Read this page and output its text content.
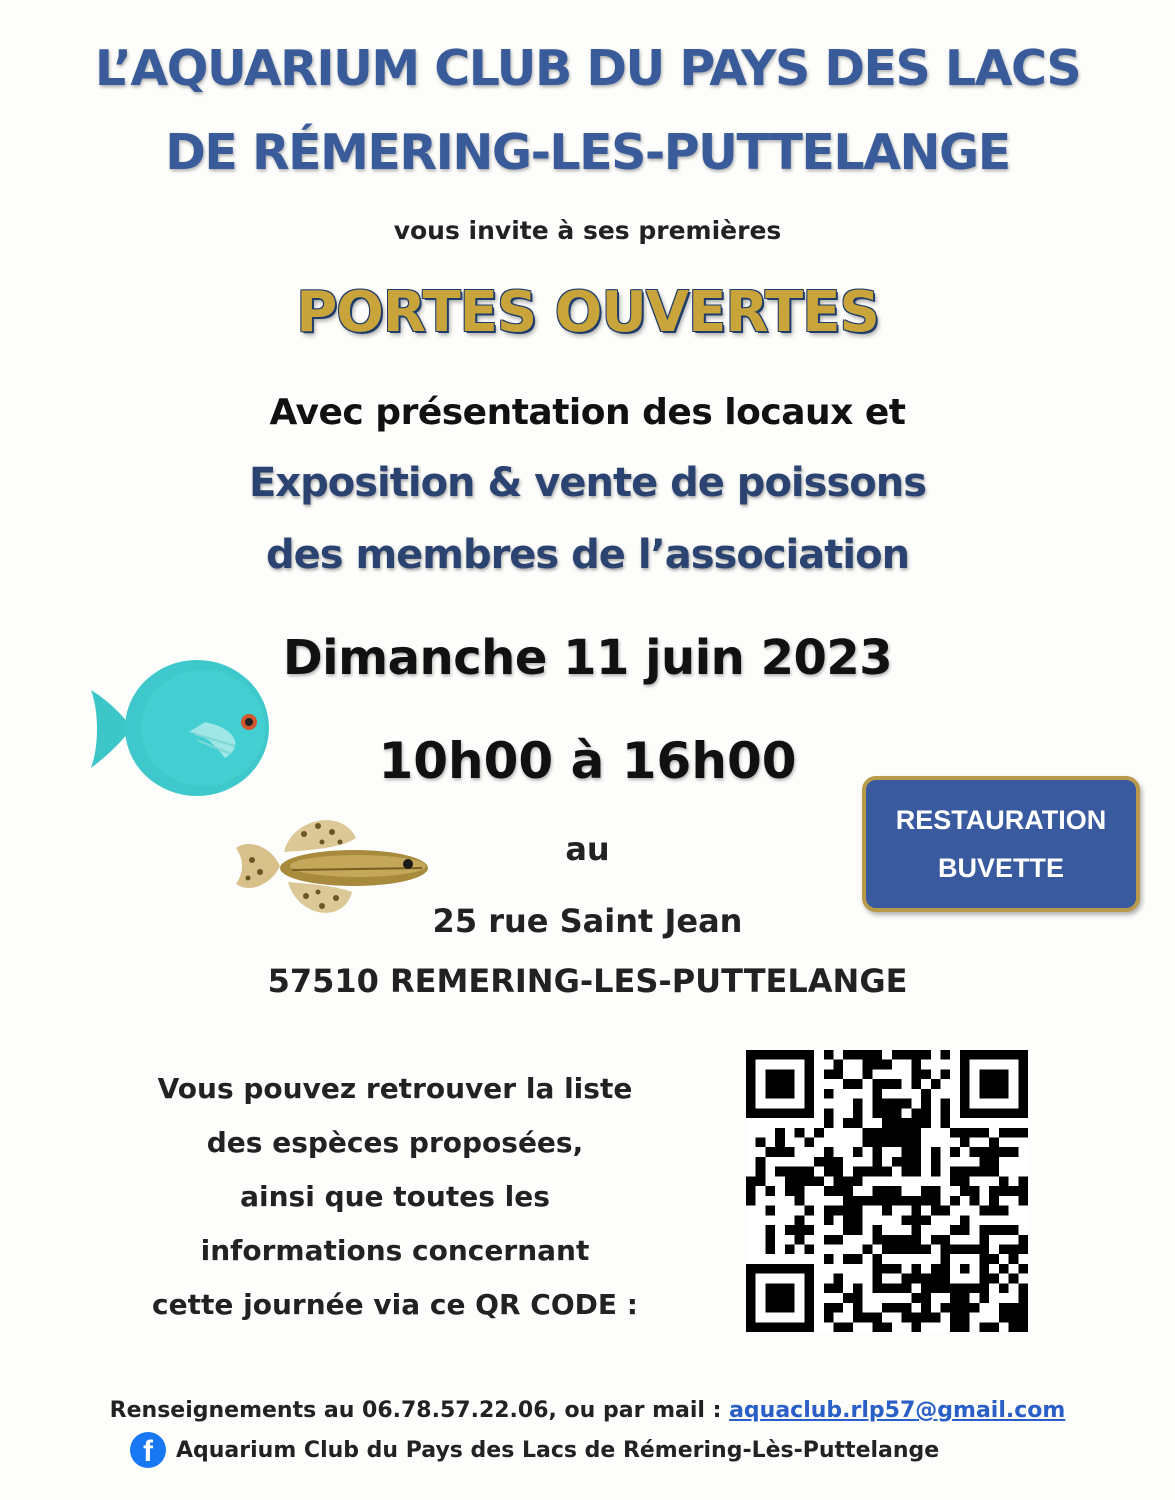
L’AQUARIUM CLUB DU PAYS DES LACS
DE RÉMERING-LES-PUTTELANGE
vous invite à ses premières
PORTES OUVERTES
Avec présentation des locaux et
Exposition & vente de poissons
des membres de l’association
Dimanche 11 juin 2023
10h00 à 16h00
au
25 rue Saint Jean
57510 REMERING-LES-PUTTELANGE
RESTAURATION
BUVETTE
Vous pouvez retrouver la liste
des espèces proposées,
ainsi que toutes les
informations concernant
cette journée via ce QR CODE :
Renseignements au 06.78.57.22.06, ou par mail : aquaclub.rlp57@gmail.com
f	Aquarium Club du Pays des Lacs de Rémering-Lès-Puttelange
